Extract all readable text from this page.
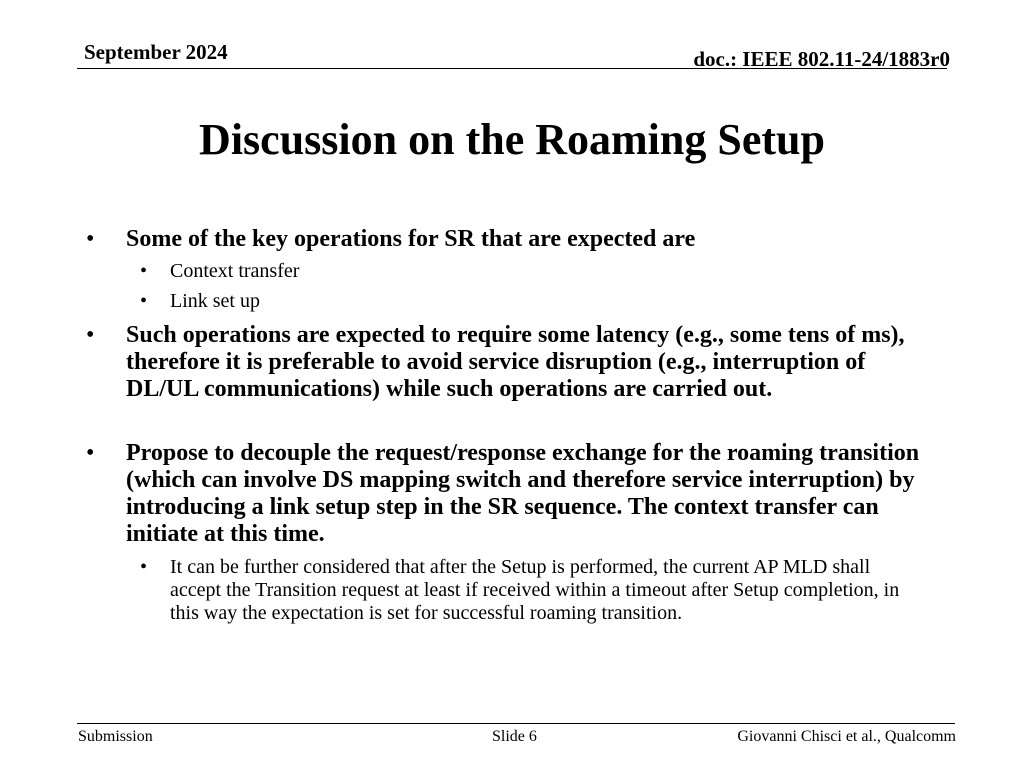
September 2024	doc.: IEEE 802.11-24/1883r0
Discussion on the Roaming Setup
• Some of the key operations for SR that are expected are
• Context transfer
• Link set up
• Such operations are expected to require some latency (e.g., some tens of ms), therefore it is preferable to avoid service disruption (e.g., interruption of DL/UL communications) while such operations are carried out.
• Propose to decouple the request/response exchange for the roaming transition (which can involve DS mapping switch and therefore service interruption) by introducing a link setup step in the SR sequence. The context transfer can initiate at this time.
• It can be further considered that after the Setup is performed, the current AP MLD shall accept the Transition request at least if received within a timeout after Setup completion, in this way the expectation is set for successful roaming transition.
Submission	Slide 6	Giovanni Chisci et al., Qualcomm
